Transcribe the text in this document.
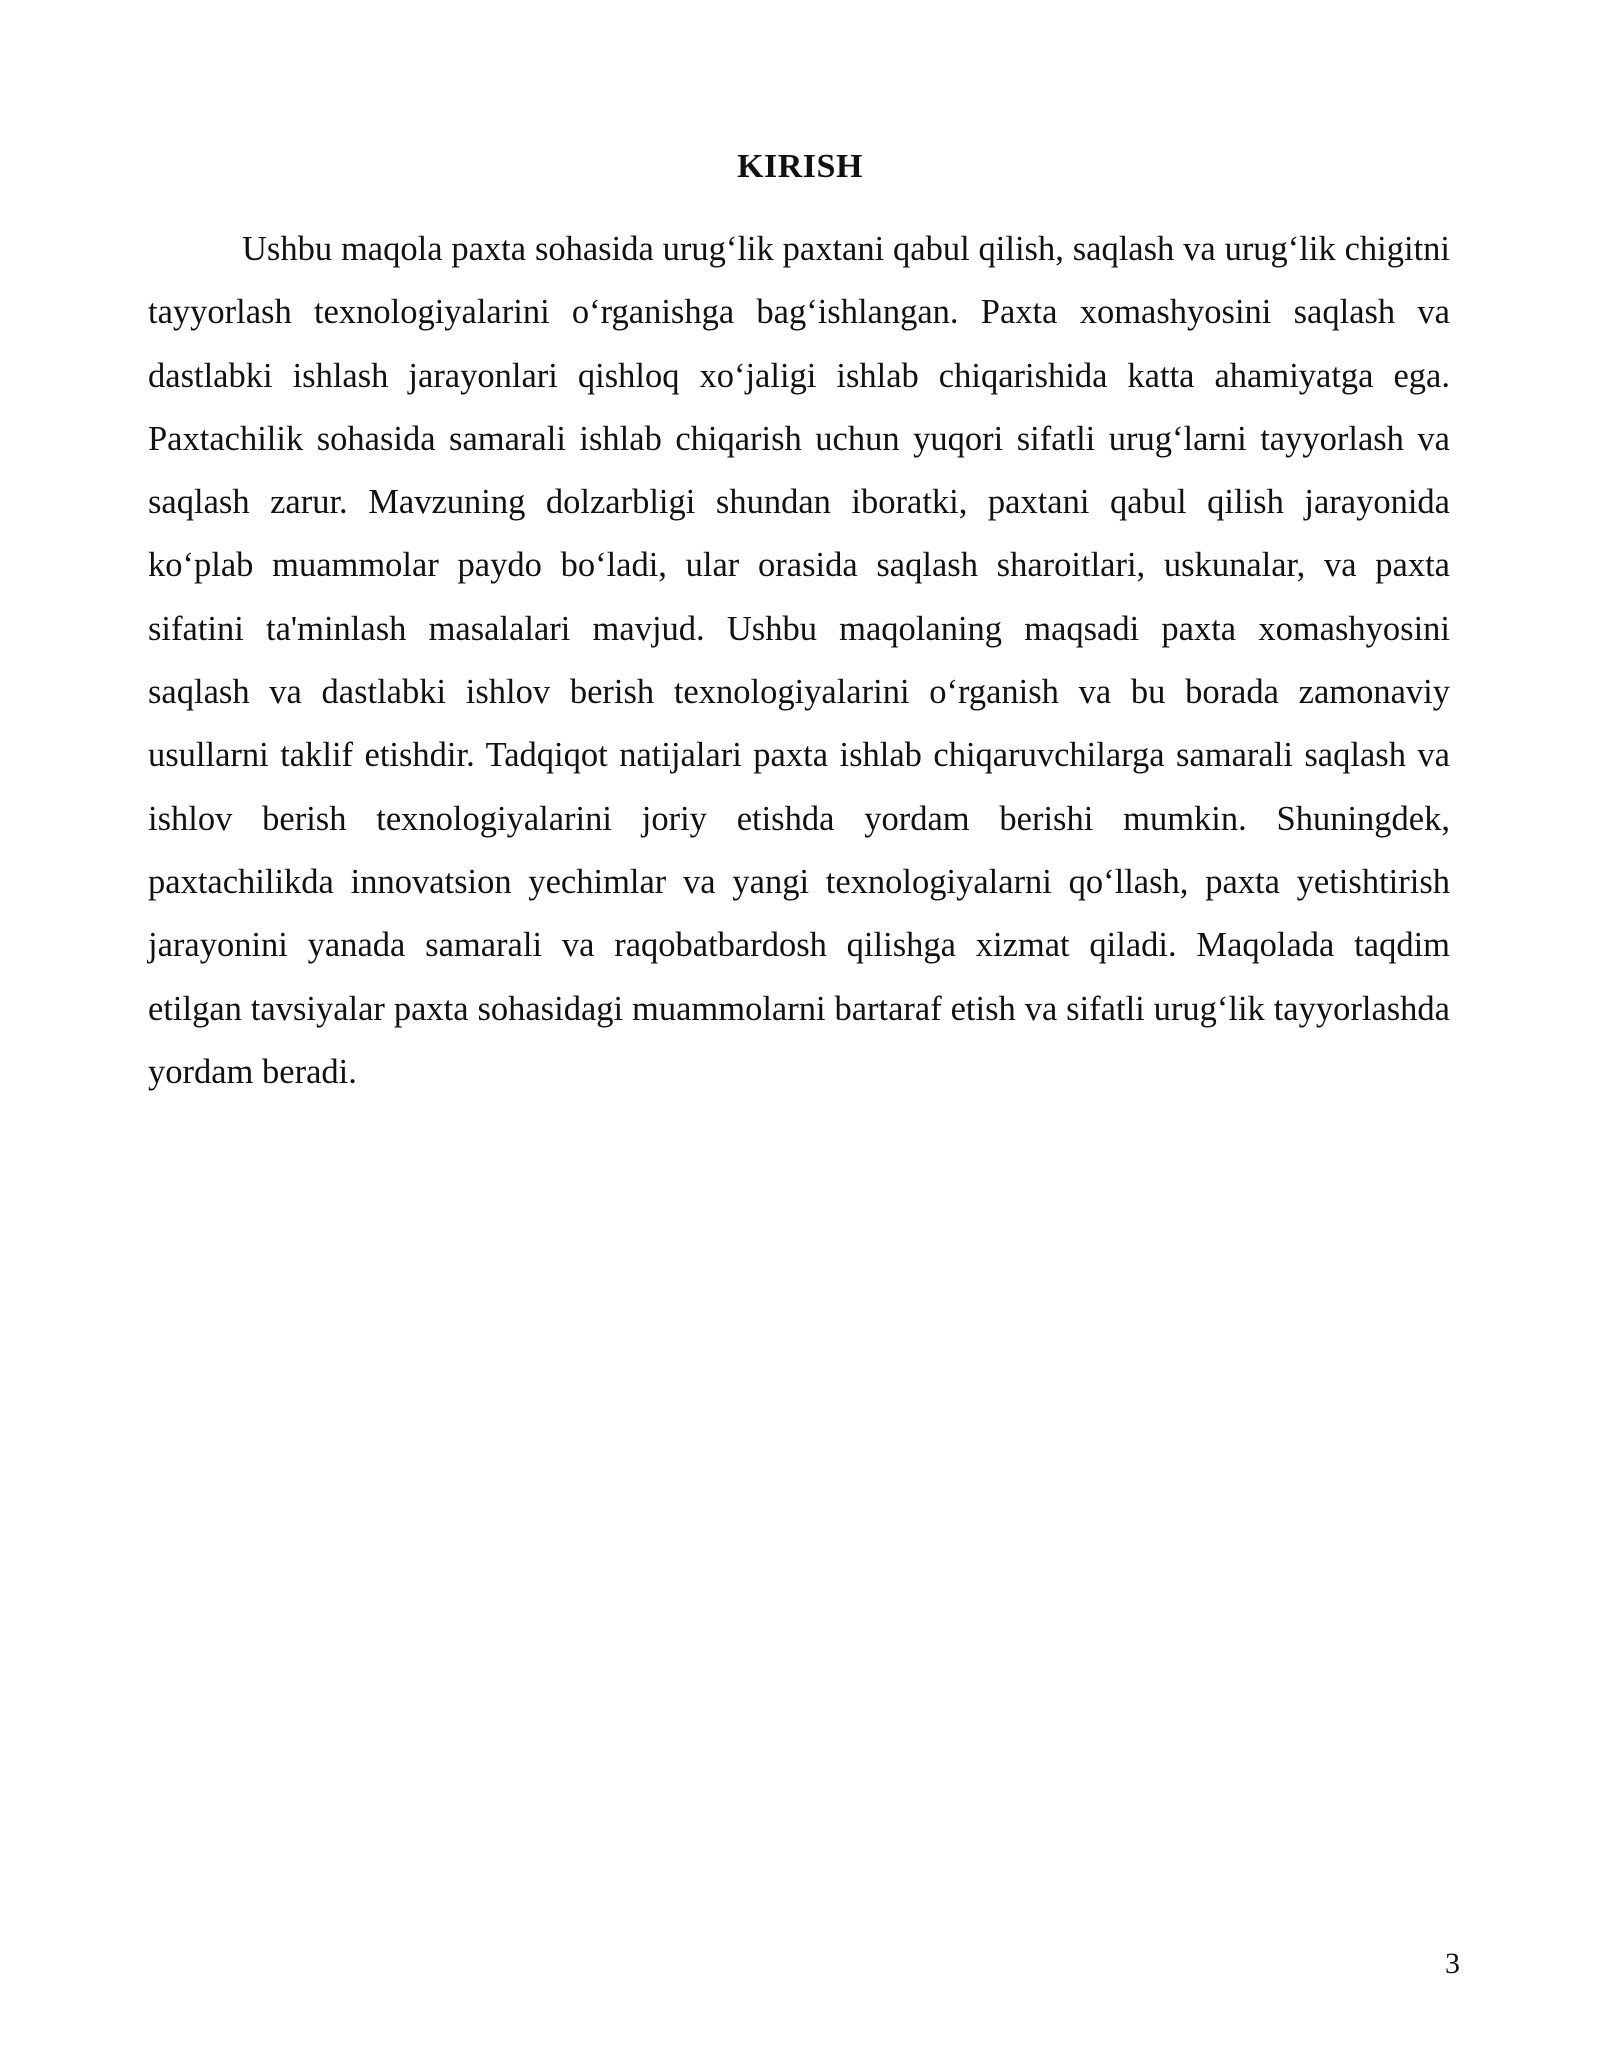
KIRISH

Ushbu maqola paxta sohasida urug‘lik paxtani qabul qilish, saqlash va urug‘lik chigitni tayyorlash texnologiyalarini o‘rganishga bag‘ishlangan. Paxta xomashyosini saqlash va dastlabki ishlash jarayonlari qishloq xo‘jaligi ishlab chiqarishida katta ahamiyatga ega. Paxtachilik sohasida samarali ishlab chiqarish uchun yuqori sifatli urug‘larni tayyorlash va saqlash zarur. Mavzuning dolzarbligi shundan iboratki, paxtani qabul qilish jarayonida ko‘plab muammolar paydo bo‘ladi, ular orasida saqlash sharoitlari, uskunalar, va paxta sifatini ta'minlash masalalari mavjud. Ushbu maqolaning maqsadi paxta xomashyosini saqlash va dastlabki ishlov berish texnologiyalarini o‘rganish va bu borada zamonaviy usullarni taklif etishdir. Tadqiqot natijalari paxta ishlab chiqaruvchilarga samarali saqlash va ishlov berish texnologiyalarini joriy etishda yordam berishi mumkin. Shuningdek, paxtachilikda innovatsion yechimlar va yangi texnologiyalarni qo‘llash, paxta yetishtirish jarayonini yanada samarali va raqobatbardosh qilishga xizmat qiladi. Maqolada taqdim etilgan tavsiyalar paxta sohasidagi muammolarni bartaraf etish va sifatli urug‘lik tayyorlashda yordam beradi.

3
